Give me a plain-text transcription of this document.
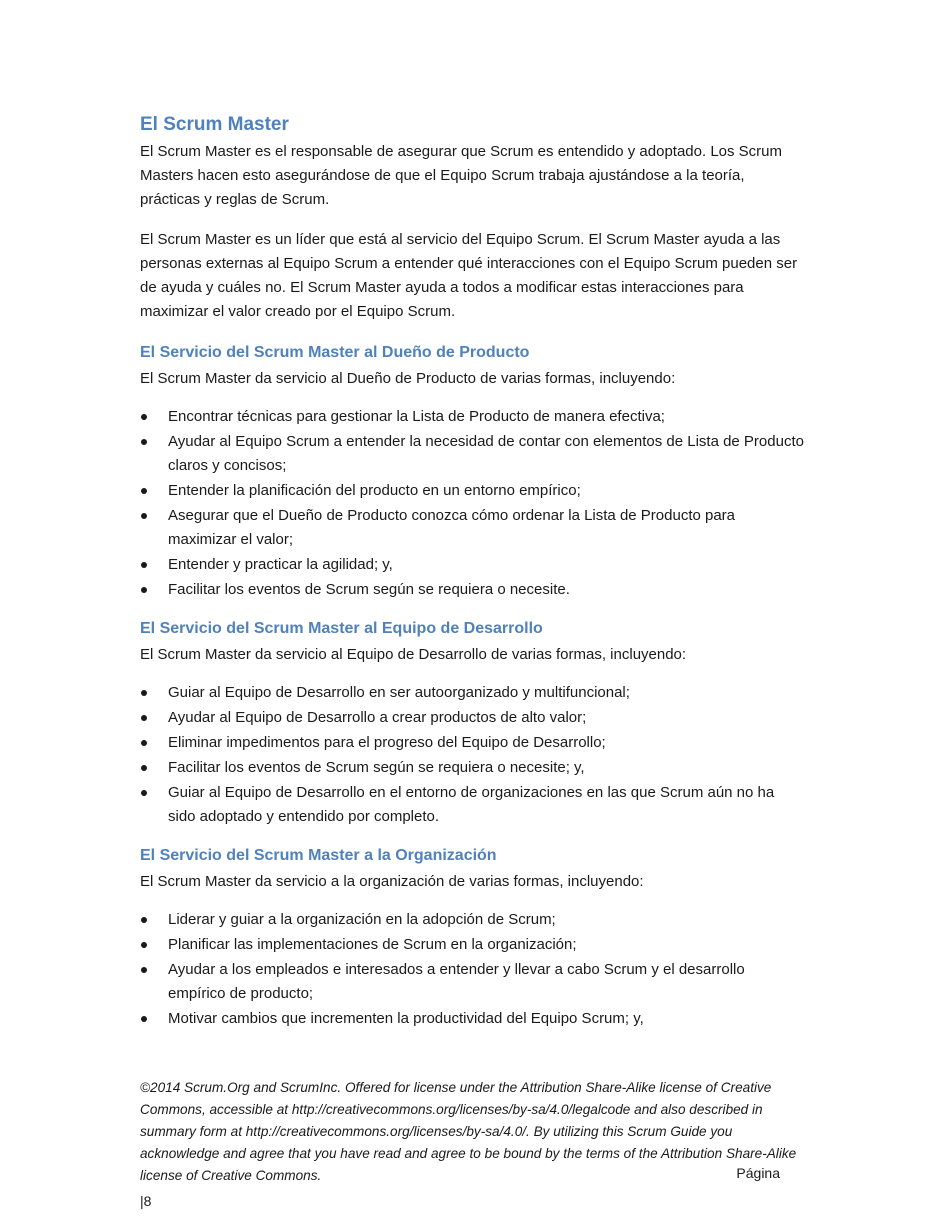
El Scrum Master

El Scrum Master es el responsable de asegurar que Scrum es entendido y adoptado. Los Scrum Masters hacen esto asegurándose de que el Equipo Scrum trabaja ajustándose a la teoría, prácticas y reglas de Scrum.

El Scrum Master es un líder que está al servicio del Equipo Scrum. El Scrum Master ayuda a las personas externas al Equipo Scrum a entender qué interacciones con el Equipo Scrum pueden ser de ayuda y cuáles no. El Scrum Master ayuda a todos a modificar estas interacciones para maximizar el valor creado por el Equipo Scrum.

El Servicio del Scrum Master al Dueño de Producto

El Scrum Master da servicio al Dueño de Producto de varias formas, incluyendo:

Encontrar técnicas para gestionar la Lista de Producto de manera efectiva;
Ayudar al Equipo Scrum a entender la necesidad de contar con elementos de Lista de Producto claros y concisos;
Entender la planificación del producto en un entorno empírico;
Asegurar que el Dueño de Producto conozca cómo ordenar la Lista de Producto para maximizar el valor;
Entender y practicar la agilidad; y,
Facilitar los eventos de Scrum según se requiera o necesite.
El Servicio del Scrum Master al Equipo de Desarrollo

El Scrum Master da servicio al Equipo de Desarrollo de varias formas, incluyendo:

Guiar al Equipo de Desarrollo en ser autoorganizado y multifuncional;
Ayudar al Equipo de Desarrollo a crear productos de alto valor;
Eliminar impedimentos para el progreso del Equipo de Desarrollo;
Facilitar los eventos de Scrum según se requiera o necesite; y,
Guiar al Equipo de Desarrollo en el entorno de organizaciones en las que Scrum aún no ha sido adoptado y entendido por completo.
El Servicio del Scrum Master a la Organización

El Scrum Master da servicio a la organización de varias formas, incluyendo:

Liderar y guiar a la organización en la adopción de Scrum;
Planificar las implementaciones de Scrum en la organización;
Ayudar a los empleados e interesados a entender y llevar a cabo Scrum y el desarrollo empírico de producto;
Motivar cambios que incrementen la productividad del Equipo Scrum; y,
©2014 Scrum.Org and ScrumInc. Offered for license under the Attribution Share-Alike license of Creative Commons, accessible at http://creativecommons.org/licenses/by-sa/4.0/legalcode and also described in summary form at http://creativecommons.org/licenses/by-sa/4.0/. By utilizing this Scrum Guide you acknowledge and agree that you have read and agree to be bound by the terms of the Attribution Share-Alike license of Creative Commons.	Página
|8
